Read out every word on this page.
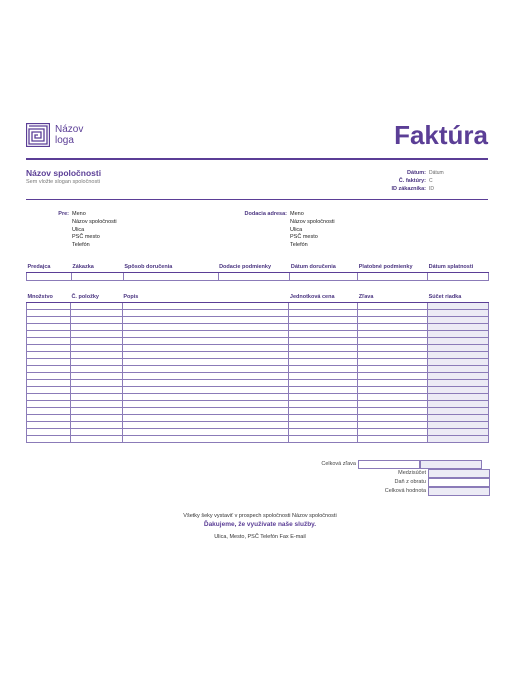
Názov
loga	Faktúra
Názov spoločnosti
Sem vložte slogan spoločnosti
Dátum: Dátum
Č. faktúry: C
ID zákazníka: ID
Pre: Meno
Názov spoločnosti
Ulica
PSČ mesto
Telefón
Dodacia adresa: Meno
Názov spoločnosti
Ulica
PSČ mesto
Telefón
Predajca	Zákazka	Spôsob doručenia	Dodacie podmienky	Dátum doručenia	Platobné podmienky	Dátum splatnosti

Množstvo	Č. položky	Popis	Jednotková cena	Zľava	Súčet riadka

Celková zľava
Medzisúčet
Daň z obratu
Celková hodnota
Všetky šeky vystaviť v prospech spoločnosti Názov spoločnosti
Ďakujeme, že využívate naše služby.
Ulica, Mesto, PSČ Telefón Fax E-mail
